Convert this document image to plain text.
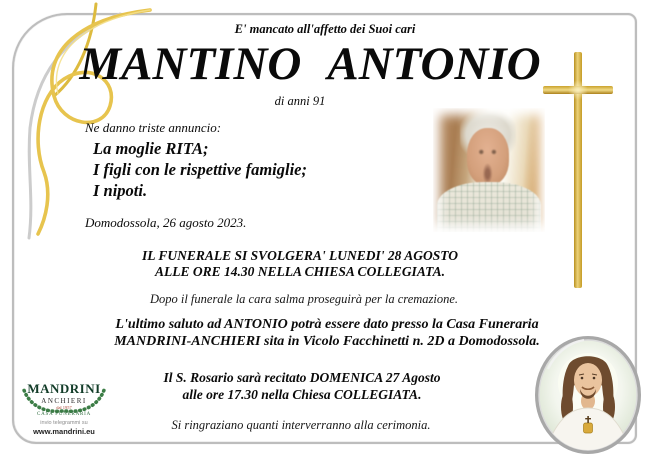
E' mancato all'affetto dei Suoi cari
MANTINO ANTONIO
di anni 91
Ne danno triste annuncio:
La moglie RITA;
I figli con le rispettive famiglie;
I nipoti.
Domodossola, 26 agosto 2023.
IL FUNERALE SI SVOLGERA' LUNEDI' 28 AGOSTO
ALLE ORE 14.30 NELLA CHIESA COLLEGIATA.
Dopo il funerale la cara salma proseguirà per la cremazione.
L'ultimo saluto ad ANTONIO potrà essere dato presso la Casa Funeraria
MANDRINI-ANCHIERI sita in Vicolo Facchinetti n. 2D a Domodossola.
Il S. Rosario sarà recitato DOMENICA 27 Agosto
alle ore 17.30 nella Chiesa COLLEGIATA.
Si ringraziano quanti interverranno alla cerimonia.
MANDRINI
ANCHIERI
dal 1957
CASA FUNERARIA
invio telegrammi su
www.mandrini.eu
